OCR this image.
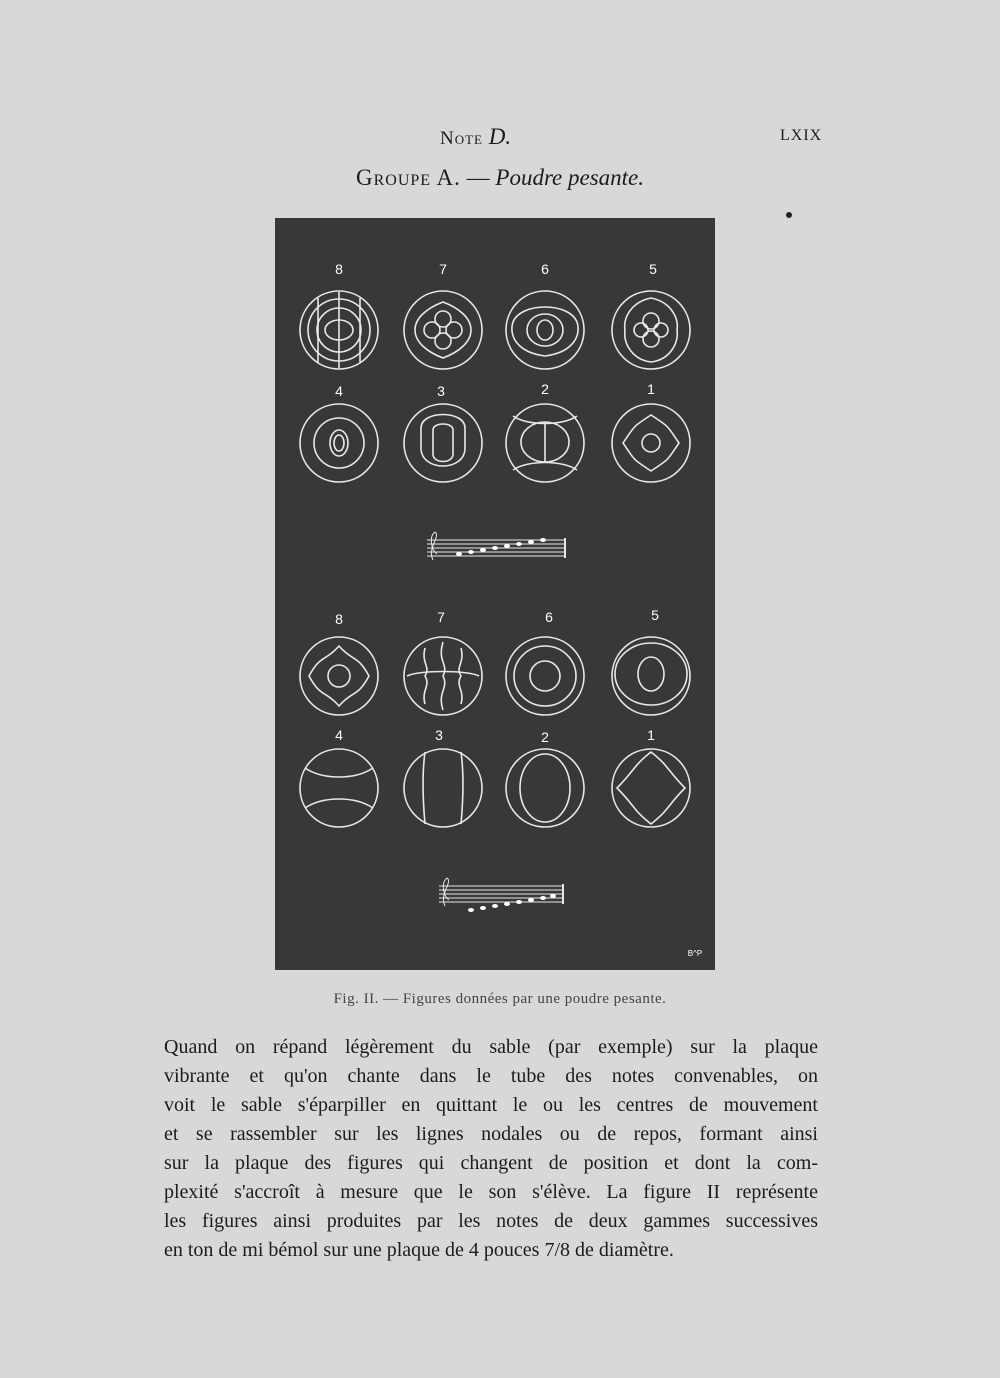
Note D.	LXIX
Groupe A. — Poudre pesante.
8	7	6	5
4	3	2	1
8	7	6	5
4	3	2	1
B^P
Fig. II. — Figures données par une poudre pesante.
Quand on répand légèrement du sable (par exemple) sur la plaque
vibrante et qu'on chante dans le tube des notes convenables, on
voit le sable s'éparpiller en quittant le ou les centres de mouvement
et se rassembler sur les lignes nodales ou de repos, formant ainsi
sur la plaque des figures qui changent de position et dont la com-
plexité s'accroît à mesure que le son s'élève. La figure II représente
les figures ainsi produites par les notes de deux gammes successives
en ton de mi bémol sur une plaque de 4 pouces 7/8 de diamètre.
